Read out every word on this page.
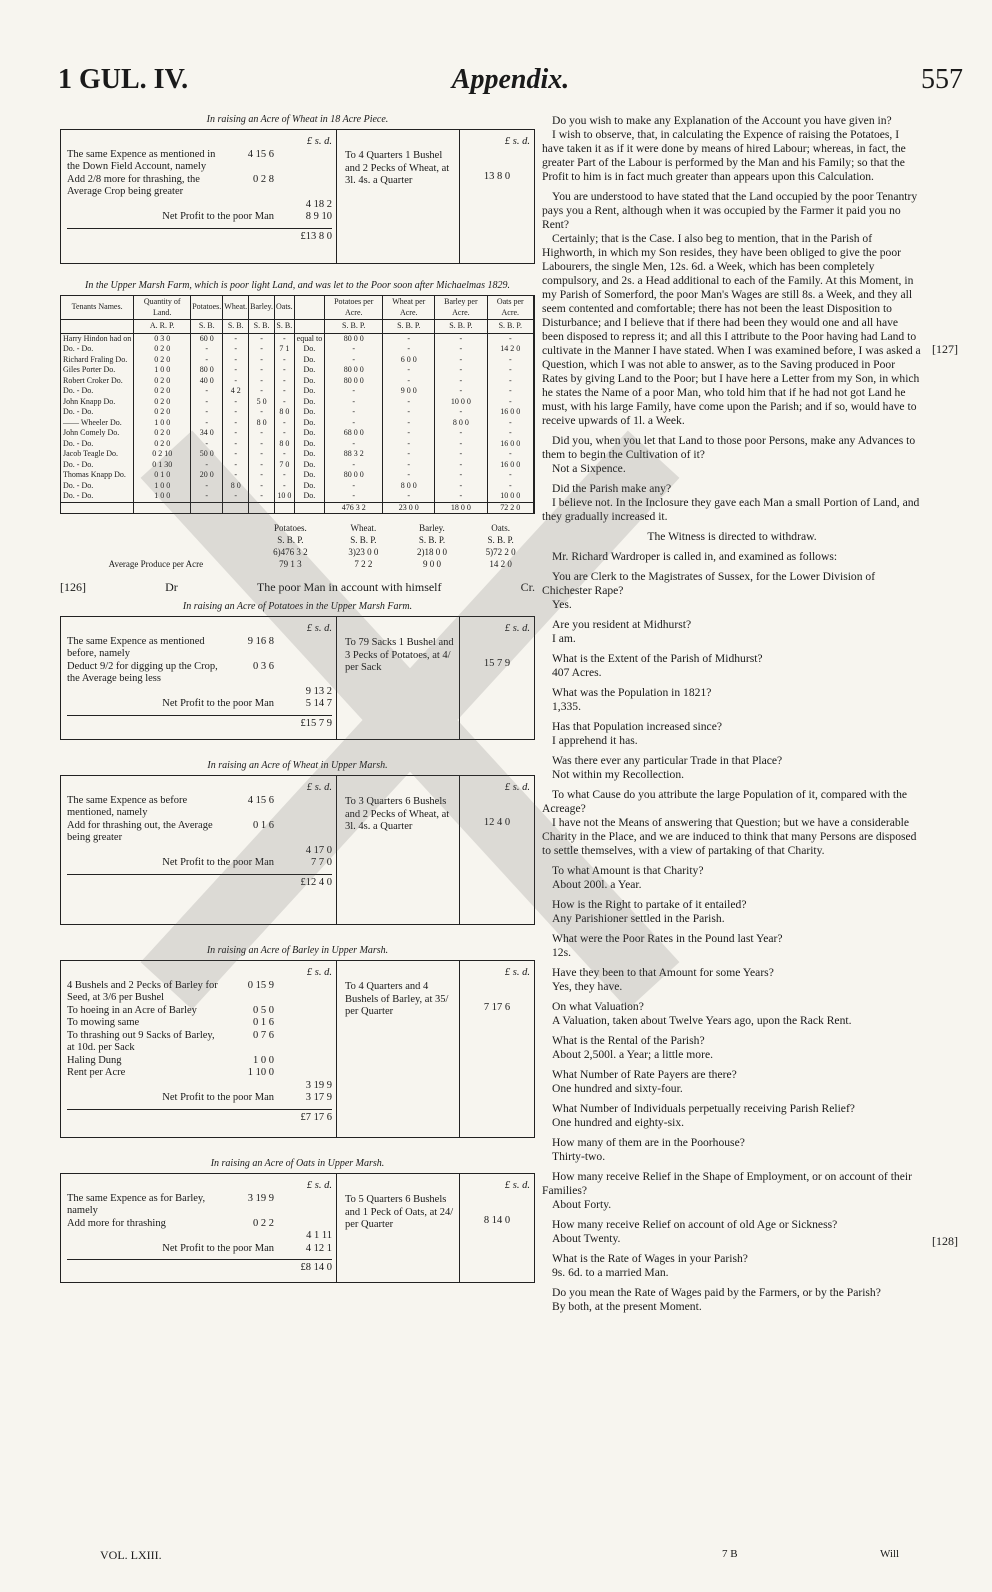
1 GUL. IV.	Appendix.	557
In raising an Acre of Wheat in 18 Acre Piece.
£ s. d.
The same Expence as mentioned in the Down Field Account, namely
4 15 6
Add 2/8 more for thrashing, the Average Crop being greater
0 2 8
4 18 2
Net Profit to the poor Man	8 9 10
£ 13 8 0
To 4 Quarters 1 Bushel and 2 Pecks of Wheat, at 3l. 4s. a Quarter
£ s. d.
13 8 0
In the Upper Marsh Farm, which is poor light Land, and was let to the Poor soon after Michaelmas 1829.
Tenants Names.	Quantity of Land.	Potatoes.	Wheat.	Barley.	Oats.		Potatoes per Acre.	Wheat per Acre.	Barley per Acre.	Oats per Acre.
	A. R. P.	S. B.	S. B.	S. B.	S. B.		S. B. P.	S. B. P.	S. B. P.	S. B. P.
Harry Hindon had on	0 3 0	60 0	-	-	-	equal to	80 0 0	-	-	-
Do. - Do.	0 2 0	-	-	-	7 1	Do.	-	-	-	14 2 0
Richard Fraling Do.	0 2 0	-	-	-	-	Do.	-	6 0 0	-	-
Giles Porter Do.	1 0 0	80 0	-	-	-	Do.	80 0 0	-	-	-
Robert Croker Do.	0 2 0	40 0	-	-	-	Do.	80 0 0	-	-	-
Do. - Do.	0 2 0	-	4 2	-	-	Do.	-	9 0 0	-	-
John Knapp Do.	0 2 0	-	-	5 0	-	Do.	-	-	10 0 0	-
Do. - Do.	0 2 0	-	-	-	8 0	Do.	-	-	-	16 0 0
—— Wheeler Do.	1 0 0	-	-	8 0	-	Do.	-	-	8 0 0	-
John Comely Do.	0 2 0	34 0	-	-	-	Do.	68 0 0	-	-	-
Do. - Do.	0 2 0	-	-	-	8 0	Do.	-	-	-	16 0 0
Jacob Teagle Do.	0 2 10	50 0	-	-	-	Do.	88 3 2	-	-	-
Do. - Do.	0 1 30	-	-	-	7 0	Do.	-	-	-	16 0 0
Thomas Knapp Do.	0 1 0	20 0	-	-	-	Do.	80 0 0	-	-	-
Do. - Do.	1 0 0	-	8 0	-	-	Do.	-	8 0 0	-	-
Do. - Do.	1 0 0	-	-	-	10 0	Do.	-	-	-	10 0 0
							476 3 2	23 0 0	18 0 0	72 2 0
	Potatoes.	Wheat.	Barley.	Oats.
	S. B. P.	S. B. P.	S. B. P.	S. B. P.
	6)476 3 2	3)23 0 0	2)18 0 0	5)72 2 0
Average Produce per Acre	79 1 3	7 2 2	9 0 0	14 2 0
[126]	Dr	The poor Man in account with himself	Cr.
In raising an Acre of Potatoes in the Upper Marsh Farm.
£ s. d.
The same Expence as mentioned before, namely
9 16 8
Deduct 9/2 for digging up the Crop, the Average being less
0 3 6
9 13 2
Net Profit to the poor Man	5 14 7
£ 15 7 9
To 79 Sacks 1 Bushel and 3 Pecks of Potatoes, at 4/ per Sack
£ s. d.
15 7 9
In raising an Acre of Wheat in Upper Marsh.
£ s. d.
The same Expence as before mentioned, namely
4 15 6
Add for thrashing out, the Average being greater
0 1 6
4 17 0
Net Profit to the poor Man	7 7 0
£ 12 4 0
To 3 Quarters 6 Bushels and 2 Pecks of Wheat, at 3l. 4s. a Quarter
£ s. d.
12 4 0
In raising an Acre of Barley in Upper Marsh.
£ s. d.
4 Bushels and 2 Pecks of Barley for Seed, at 3/6 per Bushel
0 15 9
To hoeing in an Acre of Barley	0 5 0
To mowing same	0 1 6
To thrashing out 9 Sacks of Barley, at 10d. per Sack
0 7 6
Haling Dung	1 0 0
Rent per Acre	1 10 0
3 19 9
Net Profit to the poor Man	3 17 9
£ 7 17 6
To 4 Quarters and 4 Bushels of Barley, at 35/ per Quarter
£ s. d.
7 17 6
In raising an Acre of Oats in Upper Marsh.
£ s. d.
The same Expence as for Barley, namely
3 19 9
Add more for thrashing	0 2 2
4 1 11
Net Profit to the poor Man	4 12 1
£ 8 14 0
To 5 Quarters 6 Bushels and 1 Peck of Oats, at 24/ per Quarter
£ s. d.
8 14 0

Do you wish to make any Explanation of the Account you have given in?

I wish to observe, that, in calculating the Expence of raising the Potatoes, I have taken it as if it were done by means of hired Labour; whereas, in fact, the greater Part of the Labour is performed by the Man and his Family; so that the Profit to him is in fact much greater than appears upon this Calculation.

You are understood to have stated that the Land occupied by the poor Tenantry pays you a Rent, although when it was occupied by the Farmer it paid you no Rent?

Certainly; that is the Case. I also beg to mention, that in the Parish of Highworth, in which my Son resides, they have been obliged to give the poor Labourers, the single Men, 12s. 6d. a Week, which has been completely compulsory, and 2s. a Head additional to each of the Family. At this Moment, in my Parish of Somerford, the poor Man's Wages are still 8s. a Week, and they all seem contented and comfortable; there has not been the least Disposition to Disturbance; and I believe that if there had been they would one and all have been disposed to repress it; and all this I attribute to the Poor having had Land to cultivate in the Manner I have stated. When I was examined before, I was asked a Question, which I was not able to answer, as to the Saving produced in Poor Rates by giving Land to the Poor; but I have here a Letter from my Son, in which he states the Name of a poor Man, who told him that if he had not got Land he must, with his large Family, have come upon the Parish; and if so, would have to receive upwards of 1l. a Week.

Did you, when you let that Land to those poor Persons, make any Advances to them to begin the Cultivation of it?

Not a Sixpence.

Did the Parish make any?

I believe not. In the Inclosure they gave each Man a small Portion of Land, and they gradually increased it.

The Witness is directed to withdraw.

Mr. Richard Wardroper is called in, and examined as follows:

You are Clerk to the Magistrates of Sussex, for the Lower Division of Chichester Rape?

Yes.

Are you resident at Midhurst?

I am.

What is the Extent of the Parish of Midhurst?

407 Acres.

What was the Population in 1821?

1,335.

Has that Population increased since?

I apprehend it has.

Was there ever any particular Trade in that Place?

Not within my Recollection.

To what Cause do you attribute the large Population of it, compared with the Acreage?

I have not the Means of answering that Question; but we have a considerable Charity in the Place, and we are induced to think that many Persons are disposed to settle themselves, with a view of partaking of that Charity.

To what Amount is that Charity?

About 200l. a Year.

How is the Right to partake of it entailed?

Any Parishioner settled in the Parish.

What were the Poor Rates in the Pound last Year?

12s.

Have they been to that Amount for some Years?

Yes, they have.

On what Valuation?

A Valuation, taken about Twelve Years ago, upon the Rack Rent.

What is the Rental of the Parish?

About 2,500l. a Year; a little more.

What Number of Rate Payers are there?

One hundred and sixty-four.

What Number of Individuals perpetually receiving Parish Relief?

One hundred and eighty-six.

How many of them are in the Poorhouse?

Thirty-two.

How many receive Relief in the Shape of Employment, or on account of their Families?

About Forty.

How many receive Relief on account of old Age or Sickness?

About Twenty.

What is the Rate of Wages in your Parish?

9s. 6d. to a married Man.

Do you mean the Rate of Wages paid by the Farmers, or by the Parish?

By both, at the present Moment.

[127]
[128]
VOL. LXIII.	7 B	Will
